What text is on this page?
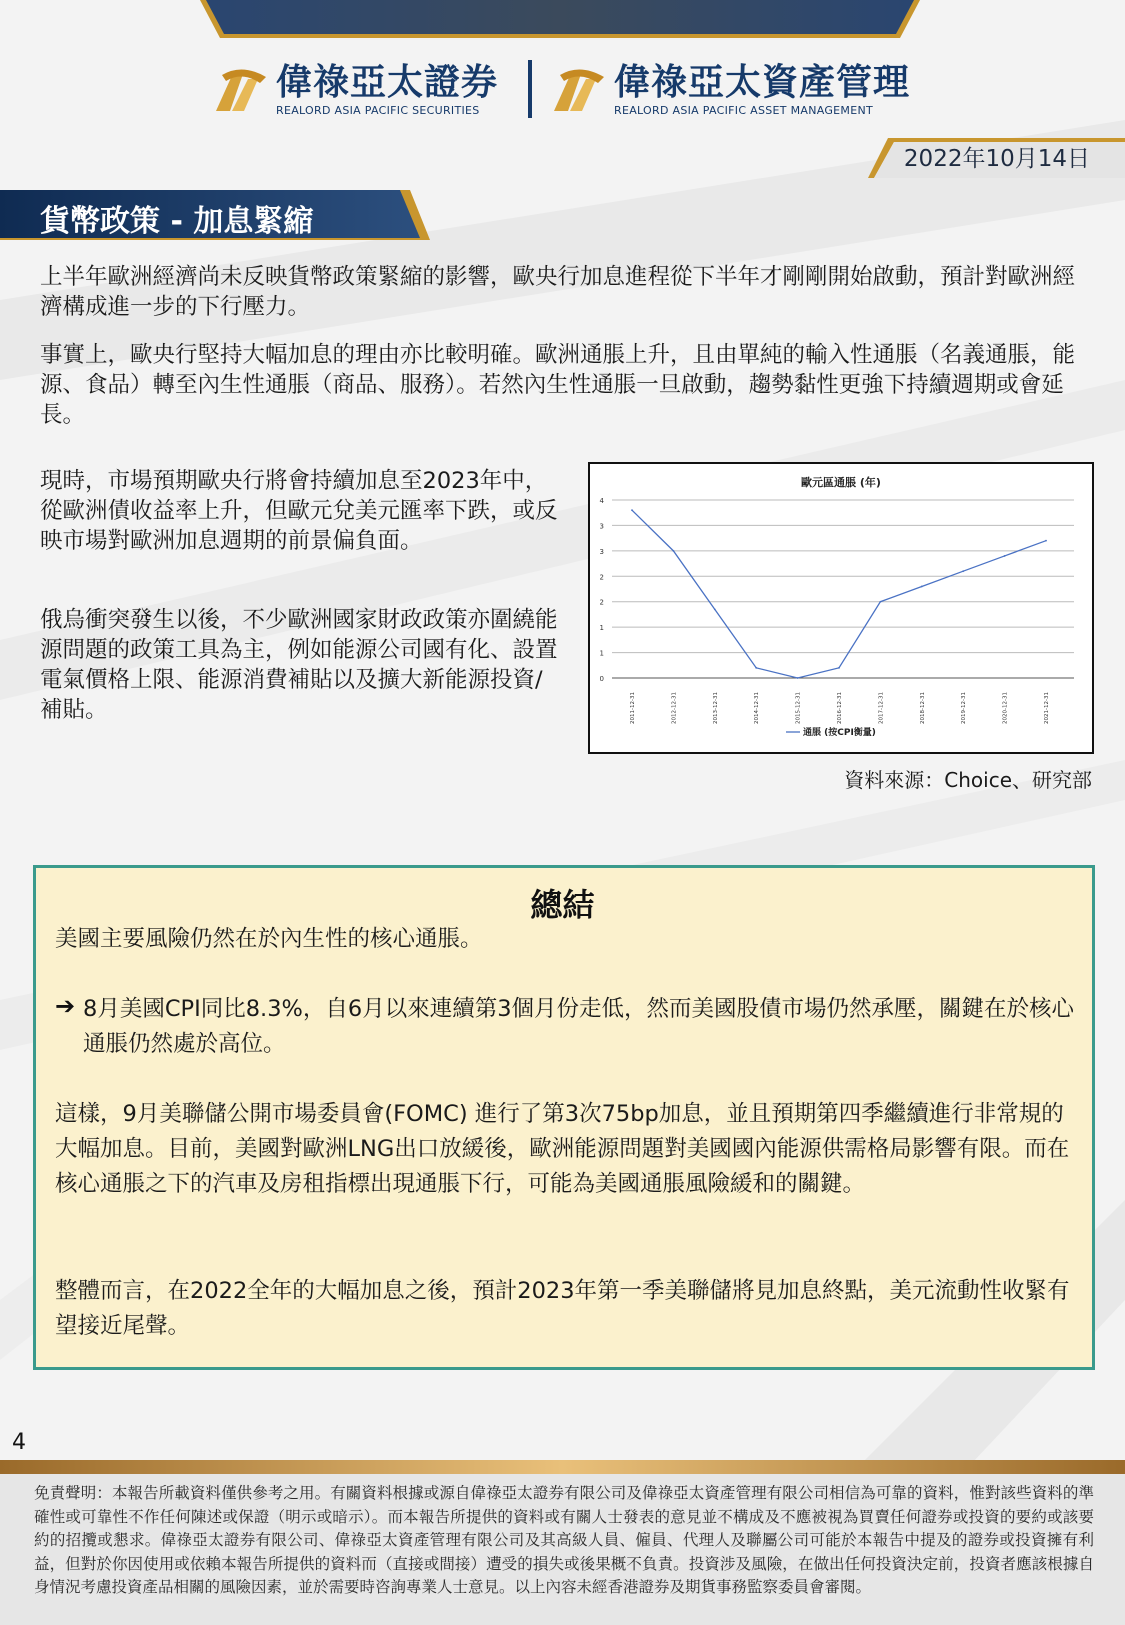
偉祿亞太證券
REALORD ASIA PACIFIC SECURITIES
偉祿亞太資產管理
REALORD ASIA PACIFIC ASSET MANAGEMENT
2022年10月14日
貨幣政策 - 加息緊縮
上半年歐洲經濟尚未反映貨幣政策緊縮的影響，歐央行加息進程從下半年才剛剛開始啟動，預計對歐洲經濟構成進一步的下行壓力。
事實上，歐央行堅持大幅加息的理由亦比較明確。歐洲通脹上升，且由單純的輸入性通脹（名義通脹，能源、食品）轉至內生性通脹（商品、服務）。若然內生性通脹一旦啟動，趨勢黏性更強下持續週期或會延長。
現時，市場預期歐央行將會持續加息至2023年中，從歐洲債收益率上升，但歐元兌美元匯率下跌，或反映市場對歐洲加息週期的前景偏負面。
俄烏衝突發生以後，不少歐洲國家財政政策亦圍繞能源問題的政策工具為主，例如能源公司國有化、設置電氣價格上限、能源消費補貼以及擴大新能源投資/補貼。
歐元區通脹 (年)
0
1
1
2
2
3
3
4
2011-12-31	2012-12-31	2013-12-31	2014-12-31	2015-12-31	2016-12-31	2017-12-31	2018-12-31	2019-12-31	2020-12-31	2021-12-31
通脹 (按CPI衡量)
資料來源：Choice、研究部
總結
美國主要風險仍然在於內生性的核心通脹。
➔ 8月美國CPI同比8.3%，自6月以來連續第3個月份走低，然而美國股債市場仍然承壓，關鍵在於核心通脹仍然處於高位。
這樣，9月美聯儲公開市場委員會(FOMC) 進行了第3次75bp加息，並且預期第四季繼續進行非常規的大幅加息。目前，美國對歐洲LNG出口放緩後，歐洲能源問題對美國國內能源供需格局影響有限。而在核心通脹之下的汽車及房租指標出現通脹下行，可能為美國通脹風險緩和的關鍵。
整體而言，在2022全年的大幅加息之後，預計2023年第一季美聯儲將見加息終點，美元流動性收緊有望接近尾聲。
4
免責聲明：本報告所載資料僅供參考之用。有關資料根據或源自偉祿亞太證券有限公司及偉祿亞太資產管理有限公司相信為可靠的資料，惟對該些資料的準確性或可靠性不作任何陳述或保證（明示或暗示）。而本報告所提供的資料或有關人士發表的意見並不構成及不應被視為買賣任何證券或投資的要約或該要約的招攬或懇求。偉祿亞太證券有限公司、偉祿亞太資產管理有限公司及其高級人員、僱員、代理人及聯屬公司可能於本報告中提及的證券或投資擁有利益，但對於你因使用或依賴本報告所提供的資料而（直接或間接）遭受的損失或後果概不負責。投資涉及風險，在做出任何投資決定前，投資者應該根據自身情況考慮投資產品相關的風險因素，並於需要時咨詢專業人士意見。以上內容未經香港證券及期貨事務監察委員會審閱。
